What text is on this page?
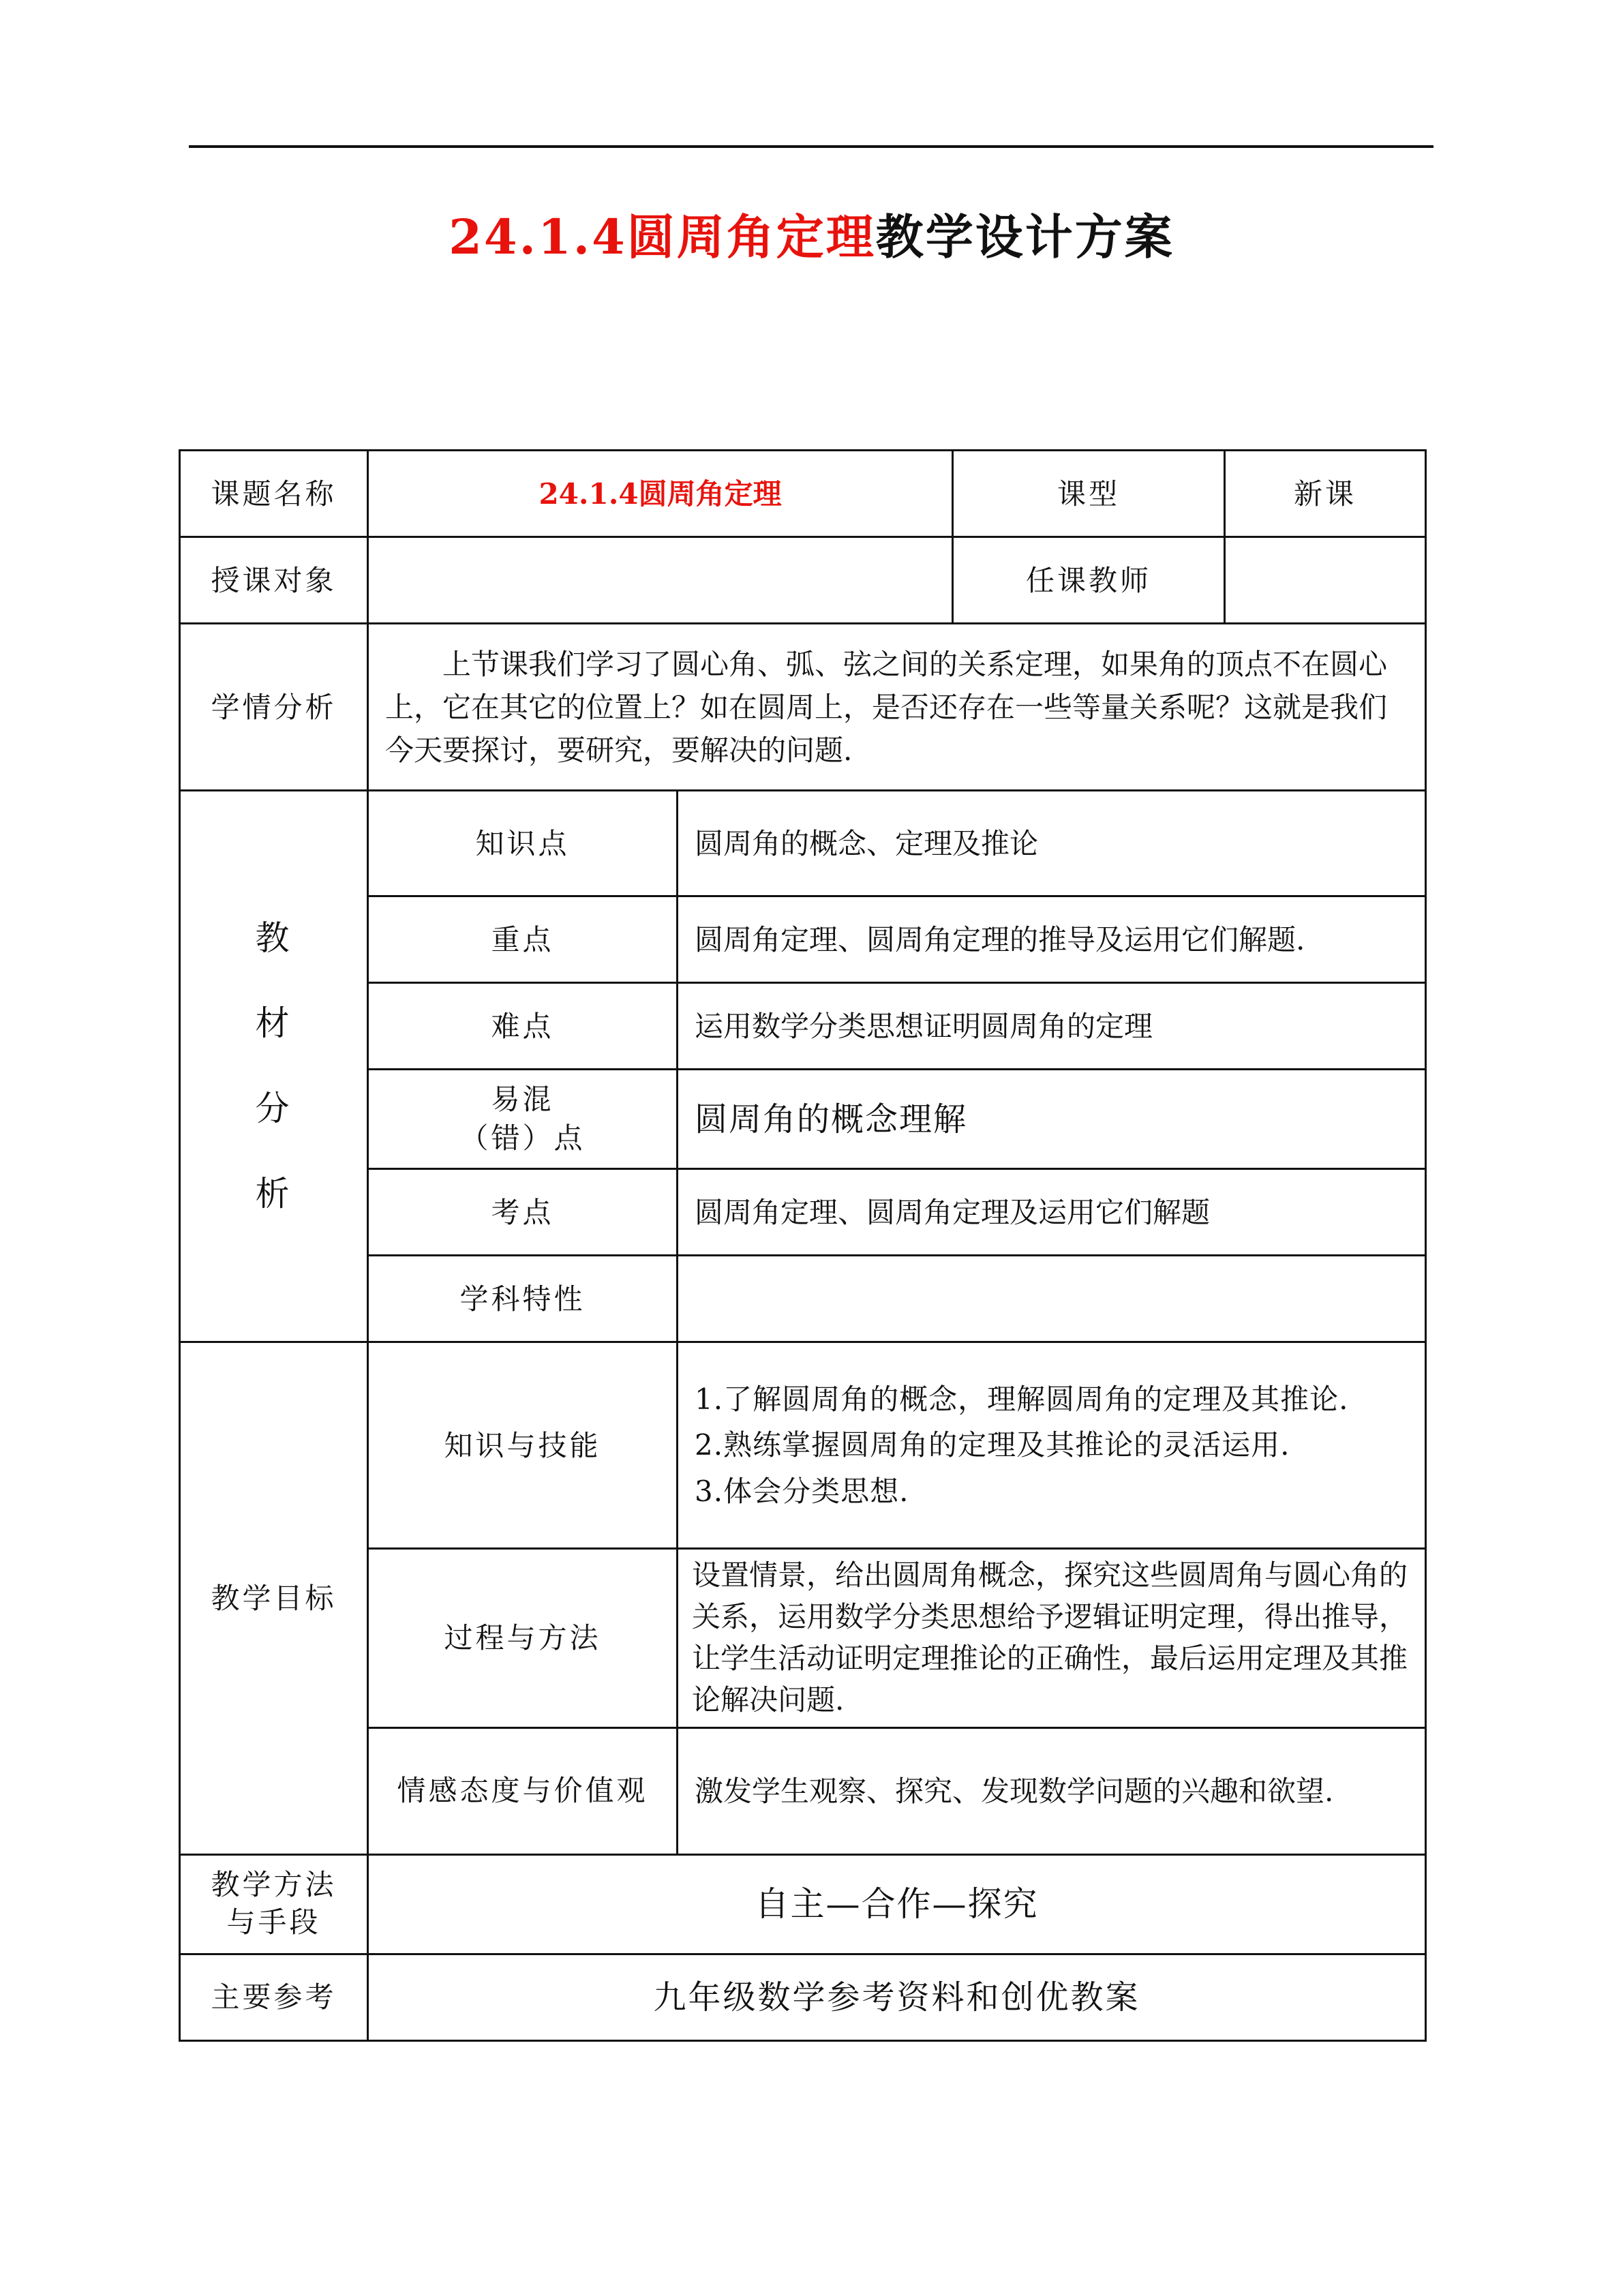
24.1.4圆周角定理教学设计方案
课题名称	24.1.4圆周角定理		课型	新课
授课对象			任课教师	
学情分析	上节课我们学习了圆心角、弧、弦之间的关系定理，如果角的顶点不在圆心上，它在其它的位置上？如在圆周上，是否还存在一些等量关系呢？这就是我们今天要探讨，要研究，要解决的问题.			

教
材
分
析	知识点	圆周角的概念、定理及推论		
	重点	圆周角定理、圆周角定理的推导及运用它们解题.		
	难点	运用数学分类思想证明圆周角的定理		

	易混
（错）点	圆周角的概念理解		
	考点	圆周角定理、圆周角定理及运用它们解题		
	学科特性			
教学目标	知识与技能	1.了解圆周角的概念，理解圆周角的定理及其推论.
2.熟练掌握圆周角的定理及其推论的灵活运用.
3.体会分类思想.		

	过程与方法	设置情景，给出圆周角概念，探究这些圆周角与圆心角的关系，运用数学分类思想给予逻辑证明定理，得出推导，让学生活动证明定理推论的正确性，最后运用定理及其推论解决问题.		
	情感态度与价值观	激发学生观察、探究、发现数学问题的兴趣和欲望.		
教学方法与手段	自主—合作—探究			
主要参考	九年级数学参考资料和创优教案			
